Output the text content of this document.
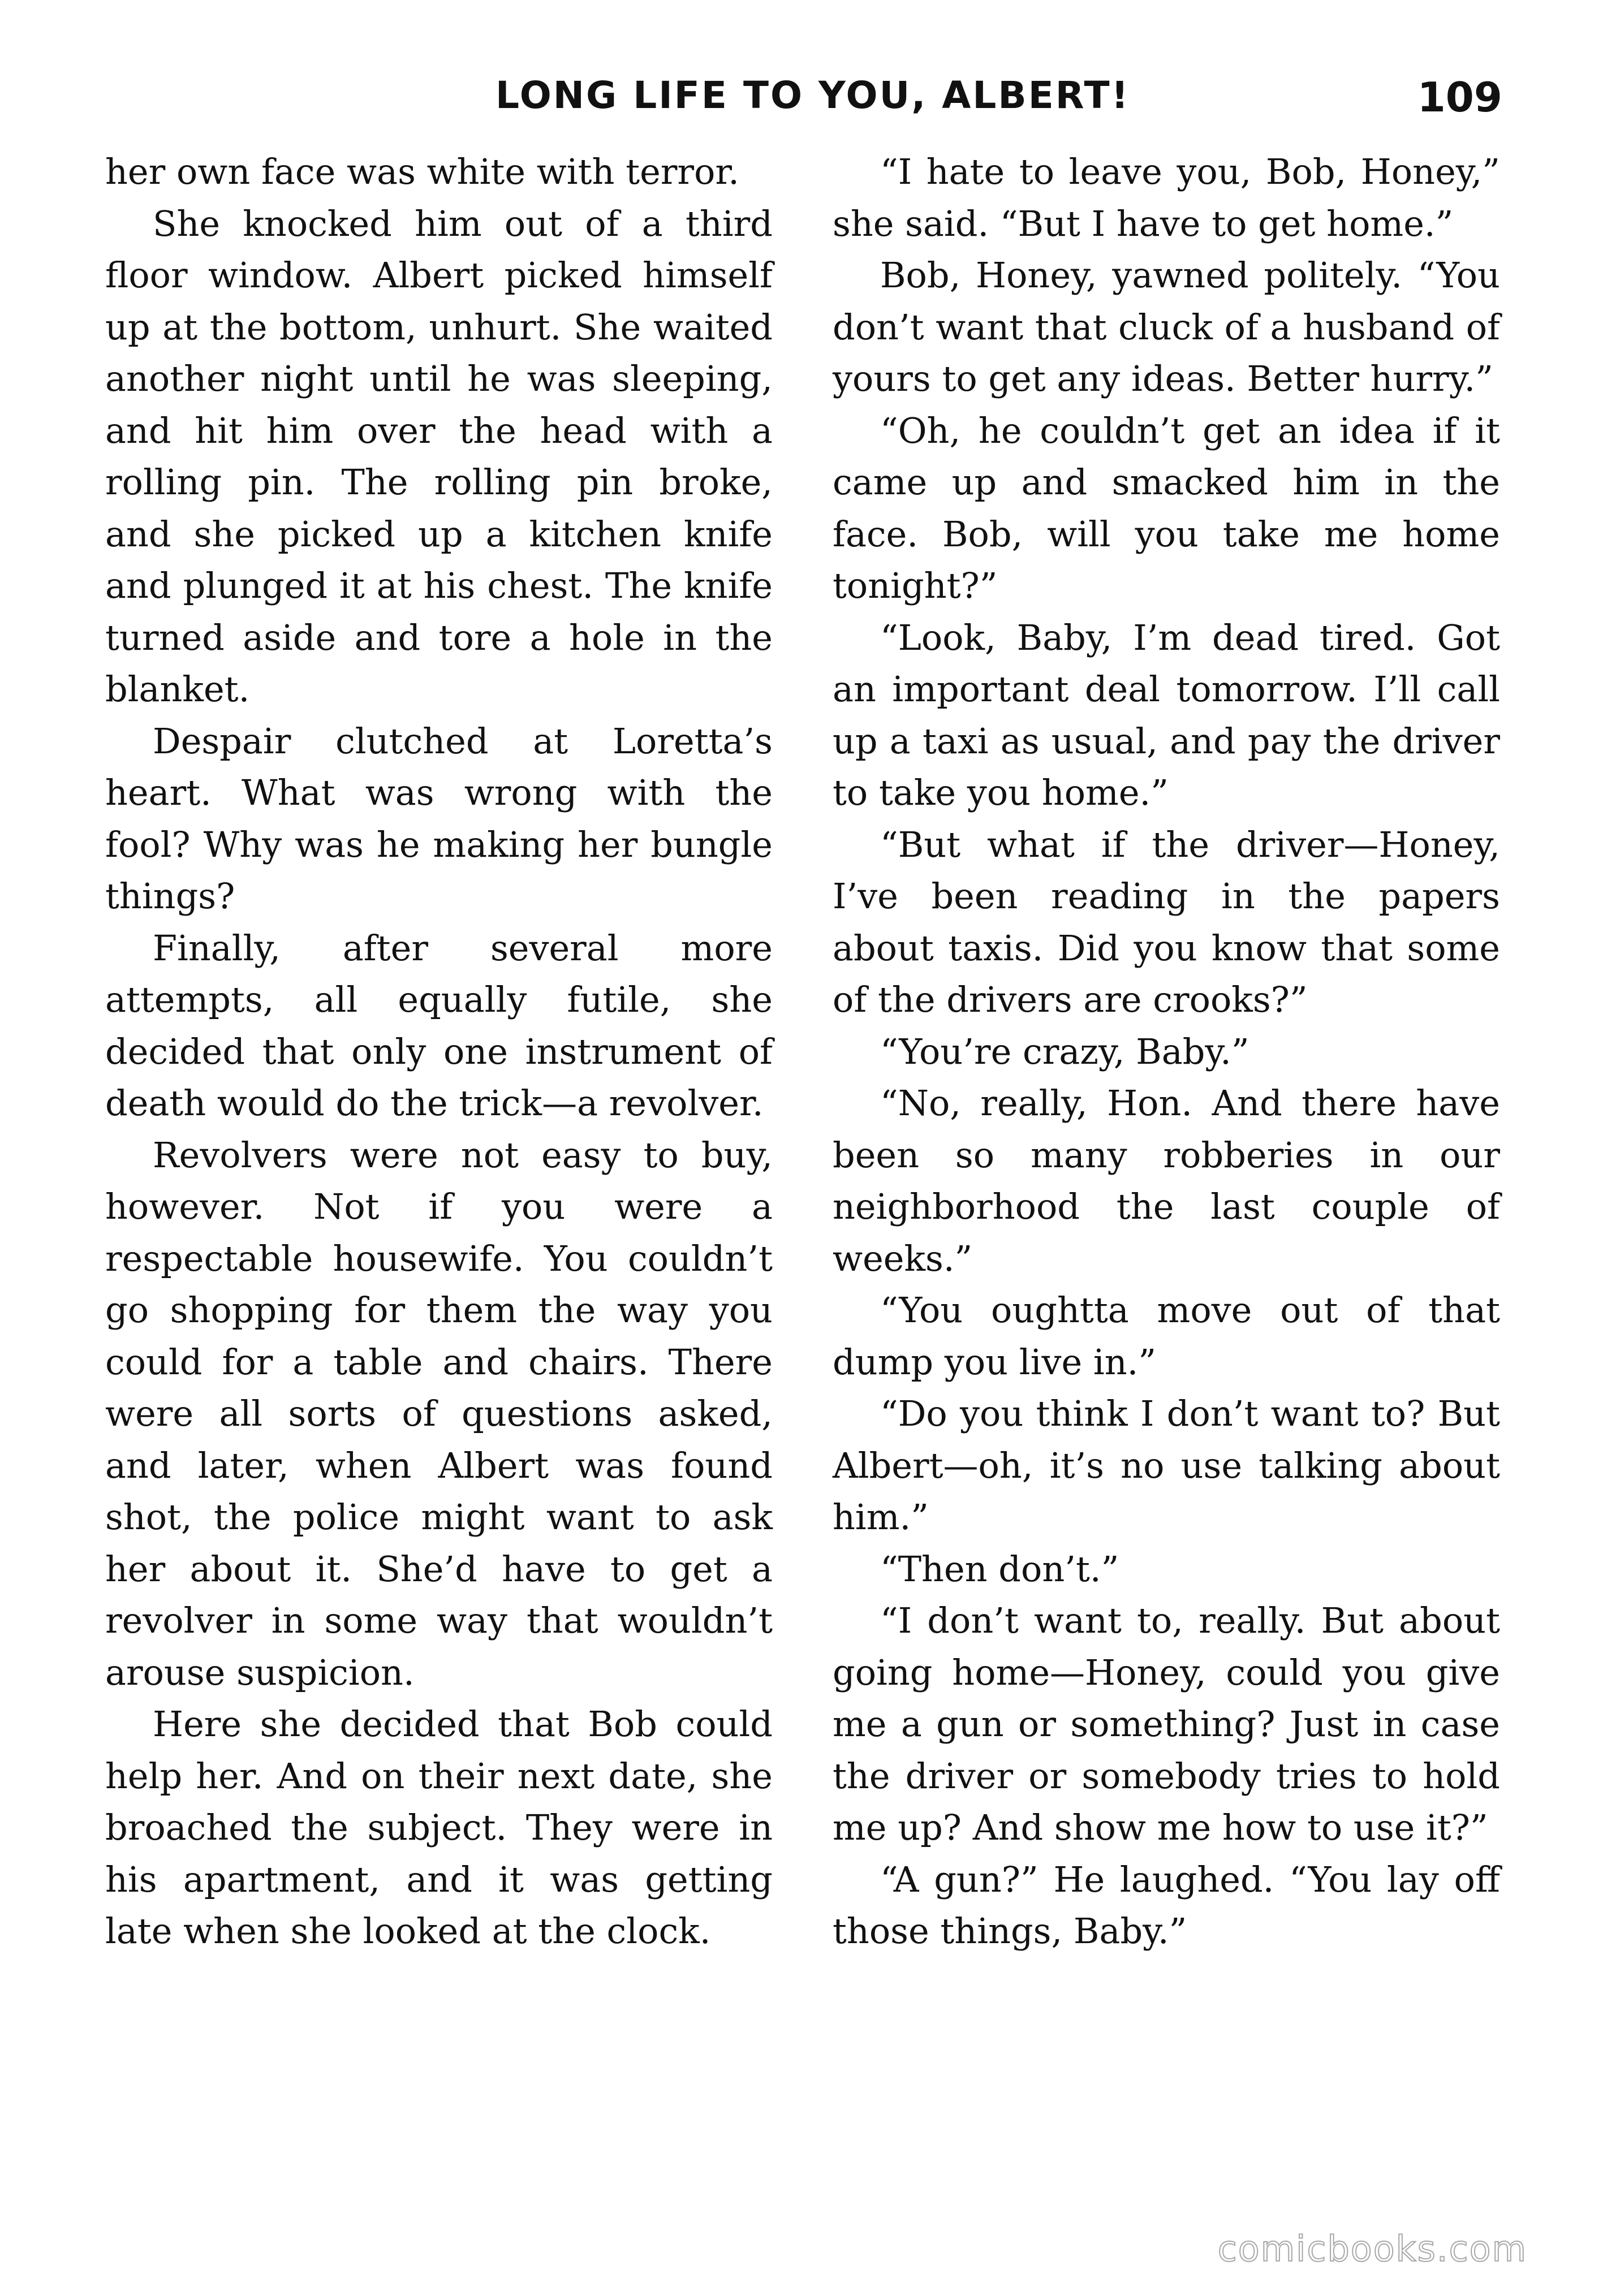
LONG LIFE TO YOU, ALBERT!	109

her own face was white with terror.

She knocked him out of a third floor window. Albert picked himself up at the bottom, unhurt. She waited another night until he was sleeping, and hit him over the head with a rolling pin. The rolling pin broke, and she picked up a kitchen knife and plunged it at his chest. The knife turned aside and tore a hole in the blanket.

Despair clutched at Loretta’s heart. What was wrong with the fool? Why was he making her bungle things?

Finally, after several more attempts, all equally futile, she decided that only one instrument of death would do the trick—a revolver.

Revolvers were not easy to buy, however. Not if you were a respectable housewife. You couldn’t go shopping for them the way you could for a table and chairs. There were all sorts of questions asked, and later, when Albert was found shot, the police might want to ask her about it. She’d have to get a revolver in some way that wouldn’t arouse suspicion.

Here she decided that Bob could help her. And on their next date, she broached the subject. They were in his apartment, and it was getting late when she looked at the clock.

“I hate to leave you, Bob, Honey,” she said. “But I have to get home.”

Bob, Honey, yawned politely. “You don’t want that cluck of a husband of yours to get any ideas. Better hurry.”

“Oh, he couldn’t get an idea if it came up and smacked him in the face. Bob, will you take me home tonight?”

“Look, Baby, I’m dead tired. Got an important deal tomorrow. I’ll call up a taxi as usual, and pay the driver to take you home.”

“But what if the driver—Honey, I’ve been reading in the papers about taxis. Did you know that some of the drivers are crooks?”

“You’re crazy, Baby.”

“No, really, Hon. And there have been so many robberies in our neighborhood the last couple of weeks.”

“You oughtta move out of that dump you live in.”

“Do you think I don’t want to? But Albert—oh, it’s no use talking about him.”

“Then don’t.”

“I don’t want to, really. But about going home—Honey, could you give me a gun or something? Just in case the driver or somebody tries to hold me up? And show me how to use it?”

“A gun?” He laughed. “You lay off those things, Baby.”

comicbooks.com
